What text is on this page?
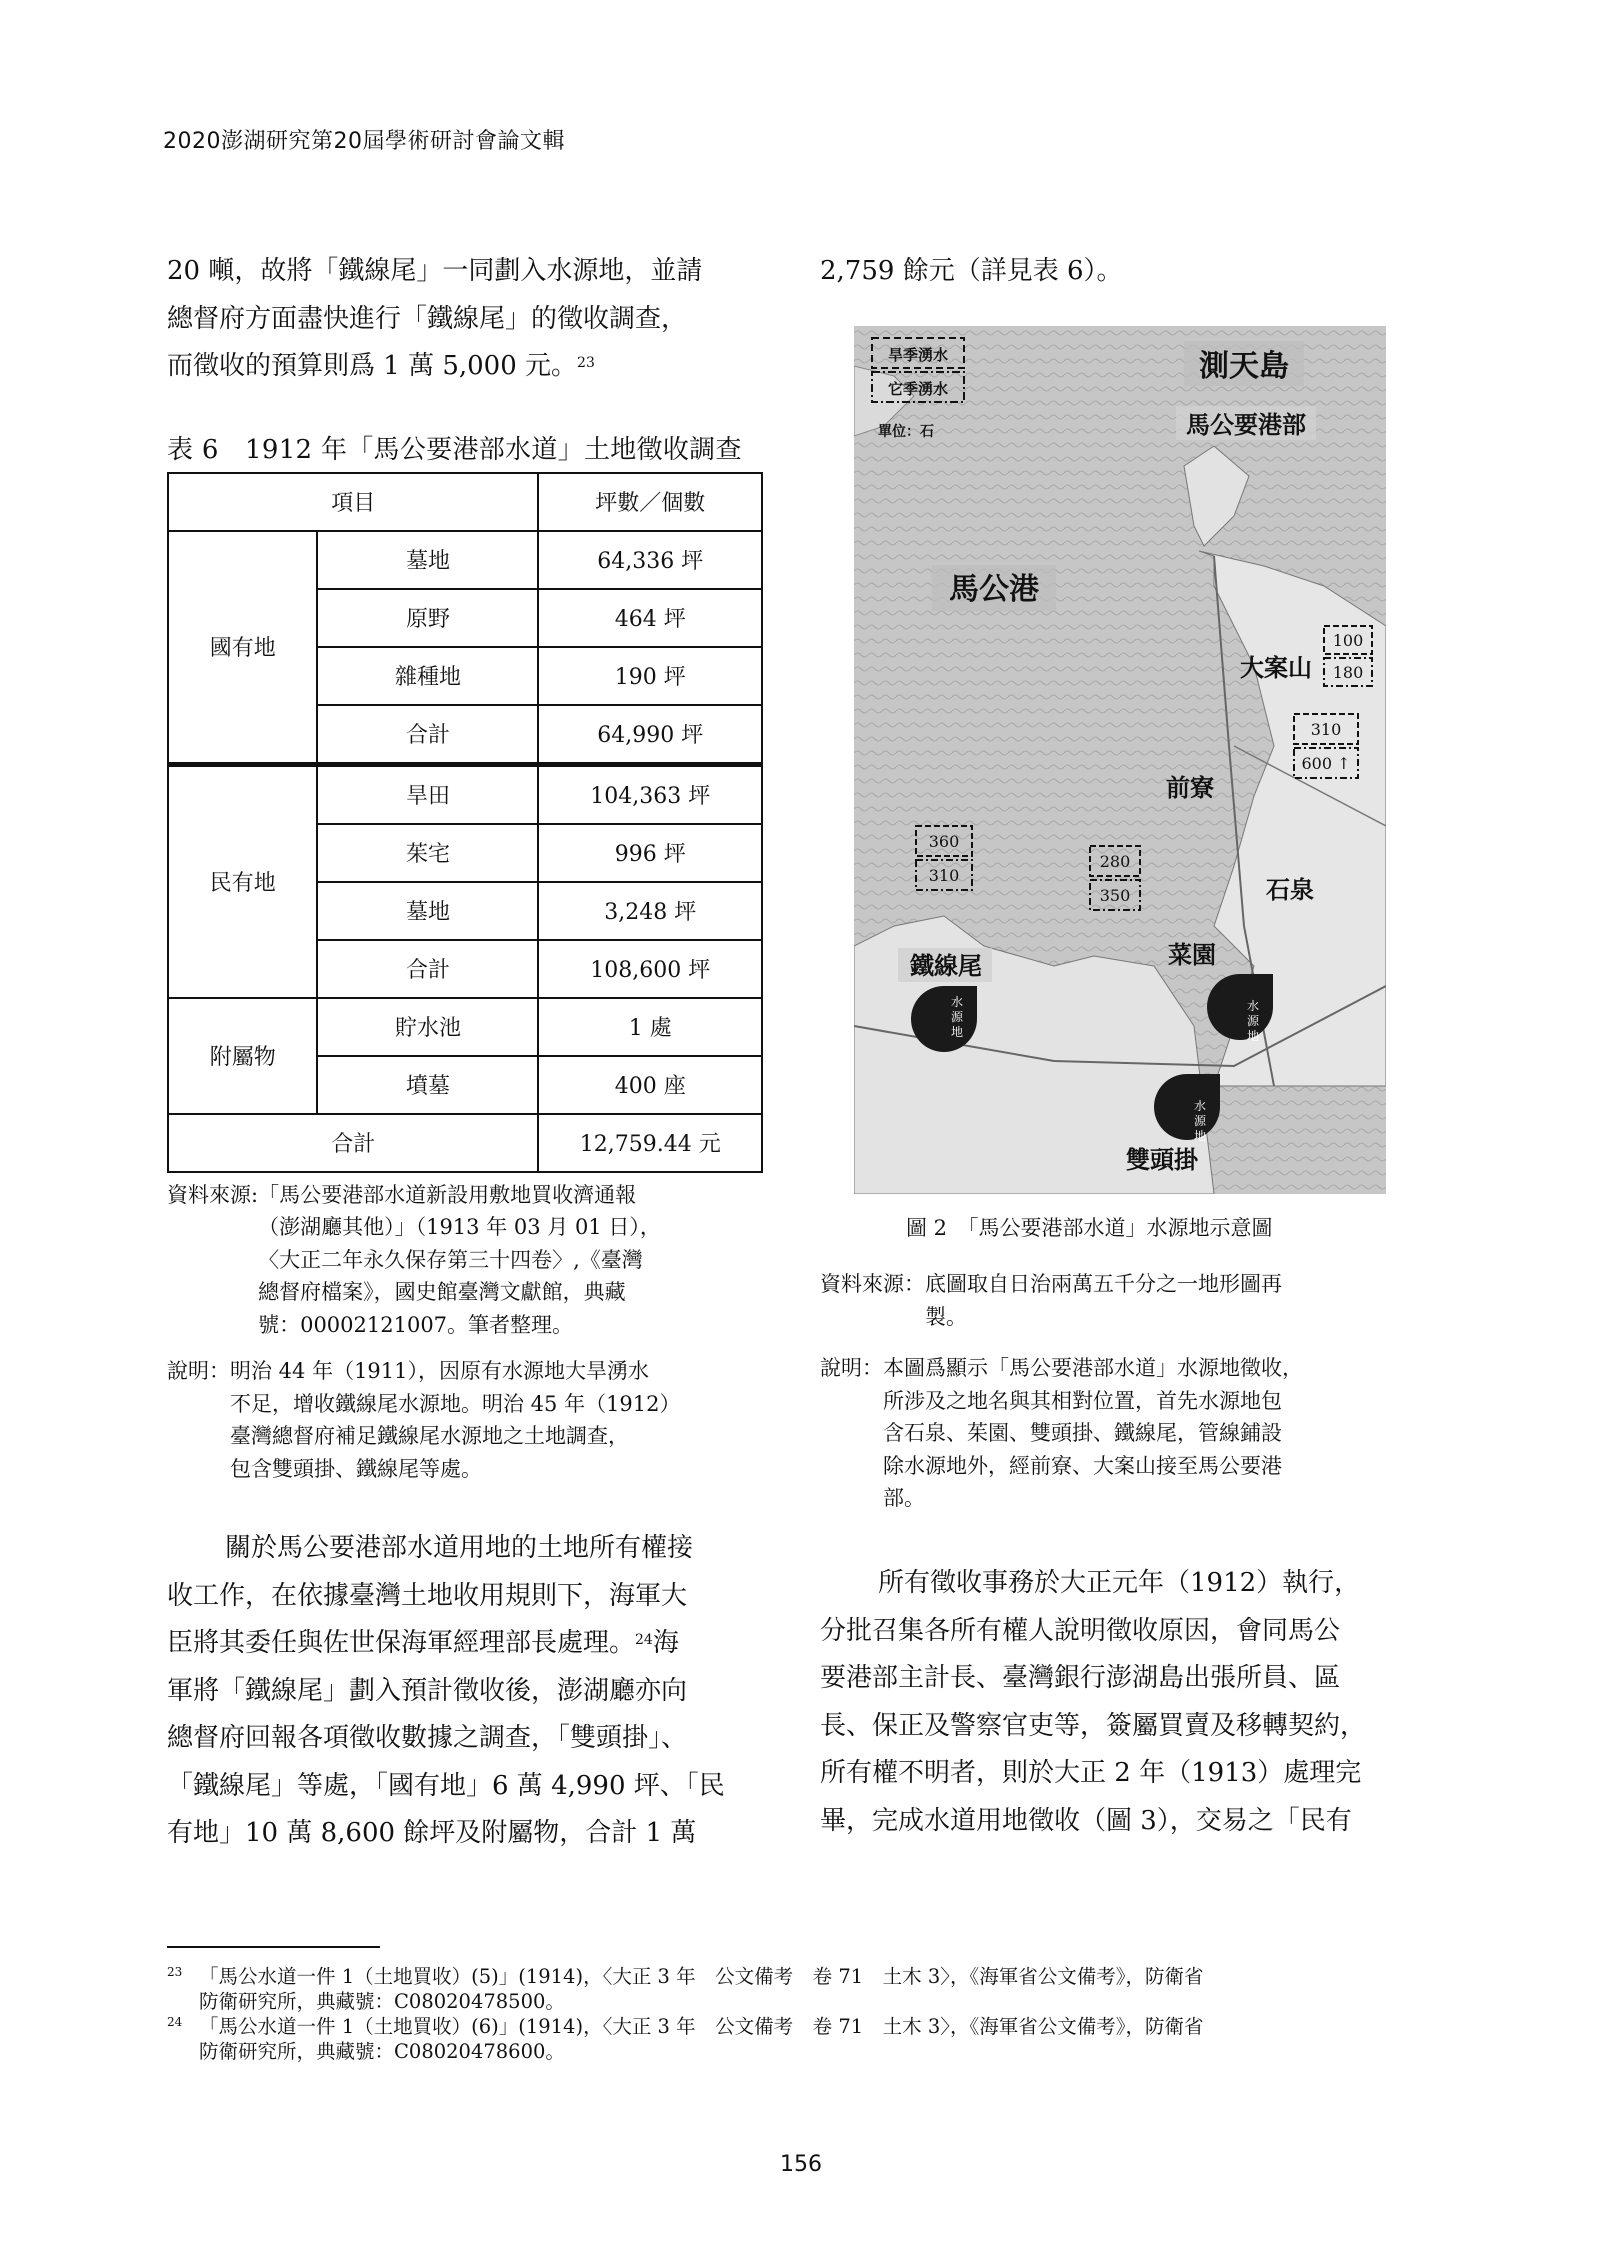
2020澎湖研究第20屆學術研討會論文輯

20 噸，故將「鐵線尾」一同劃入水源地，並請
總督府方面盡快進行「鐵線尾」的徵收調查，
而徵收的預算則爲 1 萬 5,000 元。$^{23}$

表 6　1912 年「馬公要港部水道」土地徵收調查
項目		坪數／個數
國有地	墓地	64,336 坪
	原野	464 坪
	雜種地	190 坪
	合計	64,990 坪
民有地	旱田	104,363 坪
	茱宅	996 坪
	墓地	3,248 坪
	合計	108,600 坪
附屬物	貯水池	1 處
	墳墓	400 座
合計		12,759.44 元
資料來源: 「馬公要港部水道新設用敷地買收濟通報
（澎湖廳其他）」（1913 年 03 月 01 日），
〈大正二年永久保存第三十四卷〉,《臺灣
總督府檔案》，國史館臺灣文獻館，典藏
號：00002121007。筆者整理。
說明： 明治 44 年（1911），因原有水源地大旱湧水
不足，增收鐵線尾水源地。明治 45 年（1912）
臺灣總督府補足鐵線尾水源地之土地調查，
包含雙頭掛、鐵線尾等處。

關於馬公要港部水道用地的土地所有權接
收工作，在依據臺灣土地收用規則下，海軍大
臣將其委任與佐世保海軍經理部長處理。$^{24}$海
軍將「鐵線尾」劃入預計徵收後，澎湖廳亦向
總督府回報各項徵收數據之調查，「雙頭掛」、
「鐵線尾」等處，「國有地」6 萬 4,990 坪、「民
有地」10 萬 8,600 餘坪及附屬物，合計 1 萬

2,759 餘元（詳見表 6）。

旱季湧水
它季湧水
單位：石
測天島
馬公要港部
馬公港
大案山
前寮
石泉
菜園
鐵線尾
雙頭掛
水源地
水源地
水源地
100
180
310
600 ↑
360
310
280
350
圖 2　「馬公要港部水道」水源地示意圖
資料來源： 底圖取自日治兩萬五千分之一地形圖再
製。
說明： 本圖爲顯示「馬公要港部水道」水源地徵收，
所涉及之地名與其相對位置，首先水源地包
含石泉、茱園、雙頭掛、鐵線尾，管線鋪設
除水源地外，經前寮、大案山接至馬公要港
部。

所有徵收事務於大正元年（1912）執行，
分批召集各所有權人說明徵收原因，會同馬公
要港部主計長、臺灣銀行澎湖島出張所員、區
長、保正及警察官吏等，簽屬買賣及移轉契約，
所有權不明者，則於大正 2 年（1913）處理完
畢，完成水道用地徵收（圖 3），交易之「民有

23 「馬公水道一件 1（土地買收）(5)」(1914)，〈大正 3 年　公文備考　卷 71　土木 3〉，《海軍省公文備考》，防衛省
防衛研究所，典藏號：C08020478500。
24 「馬公水道一件 1（土地買收）(6)」(1914)，〈大正 3 年　公文備考　卷 71　土木 3〉，《海軍省公文備考》，防衛省
防衛研究所，典藏號：C08020478600。
156
